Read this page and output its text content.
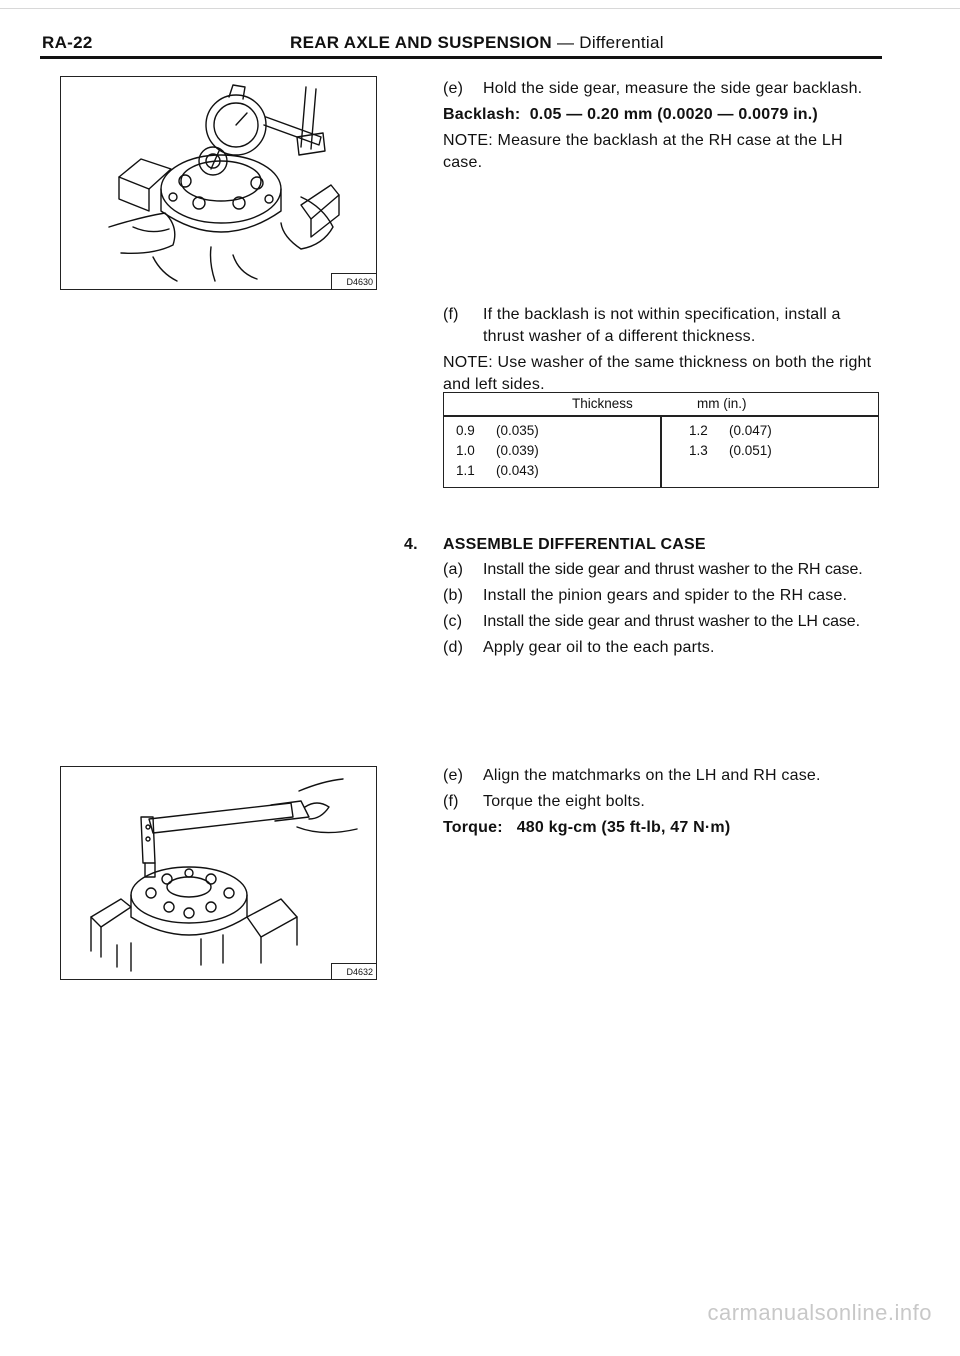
RA-22	REAR AXLE AND SUSPENSION — Differential
D4630
(e) Hold the side gear, measure the side gear backlash.
Backlash: 0.05 — 0.20 mm (0.0020 — 0.0079 in.)
NOTE: Measure the backlash at the RH case at the LH case.
(f)	If the backlash is not within specification, install a thrust washer of a different thickness.
NOTE: Use washer of the same thickness on both the right and left sides.
Thickness	mm (in.)
0.9 (0.035)
1.0 (0.039)
1.1 (0.043)
1.2 (0.047)
1.3 (0.051)
4. ASSEMBLE DIFFERENTIAL CASE
(a) Install the side gear and thrust washer to the RH case.
(b) Install the pinion gears and spider to the RH case.
(c) Install the side gear and thrust washer to the LH case.
(d) Apply gear oil to the each parts.
D4632
(e) Align the matchmarks on the LH and RH case.
(f) Torque the eight bolts.
Torque: 480 kg-cm (35 ft-lb, 47 N·m)
carmanualsonline.info
